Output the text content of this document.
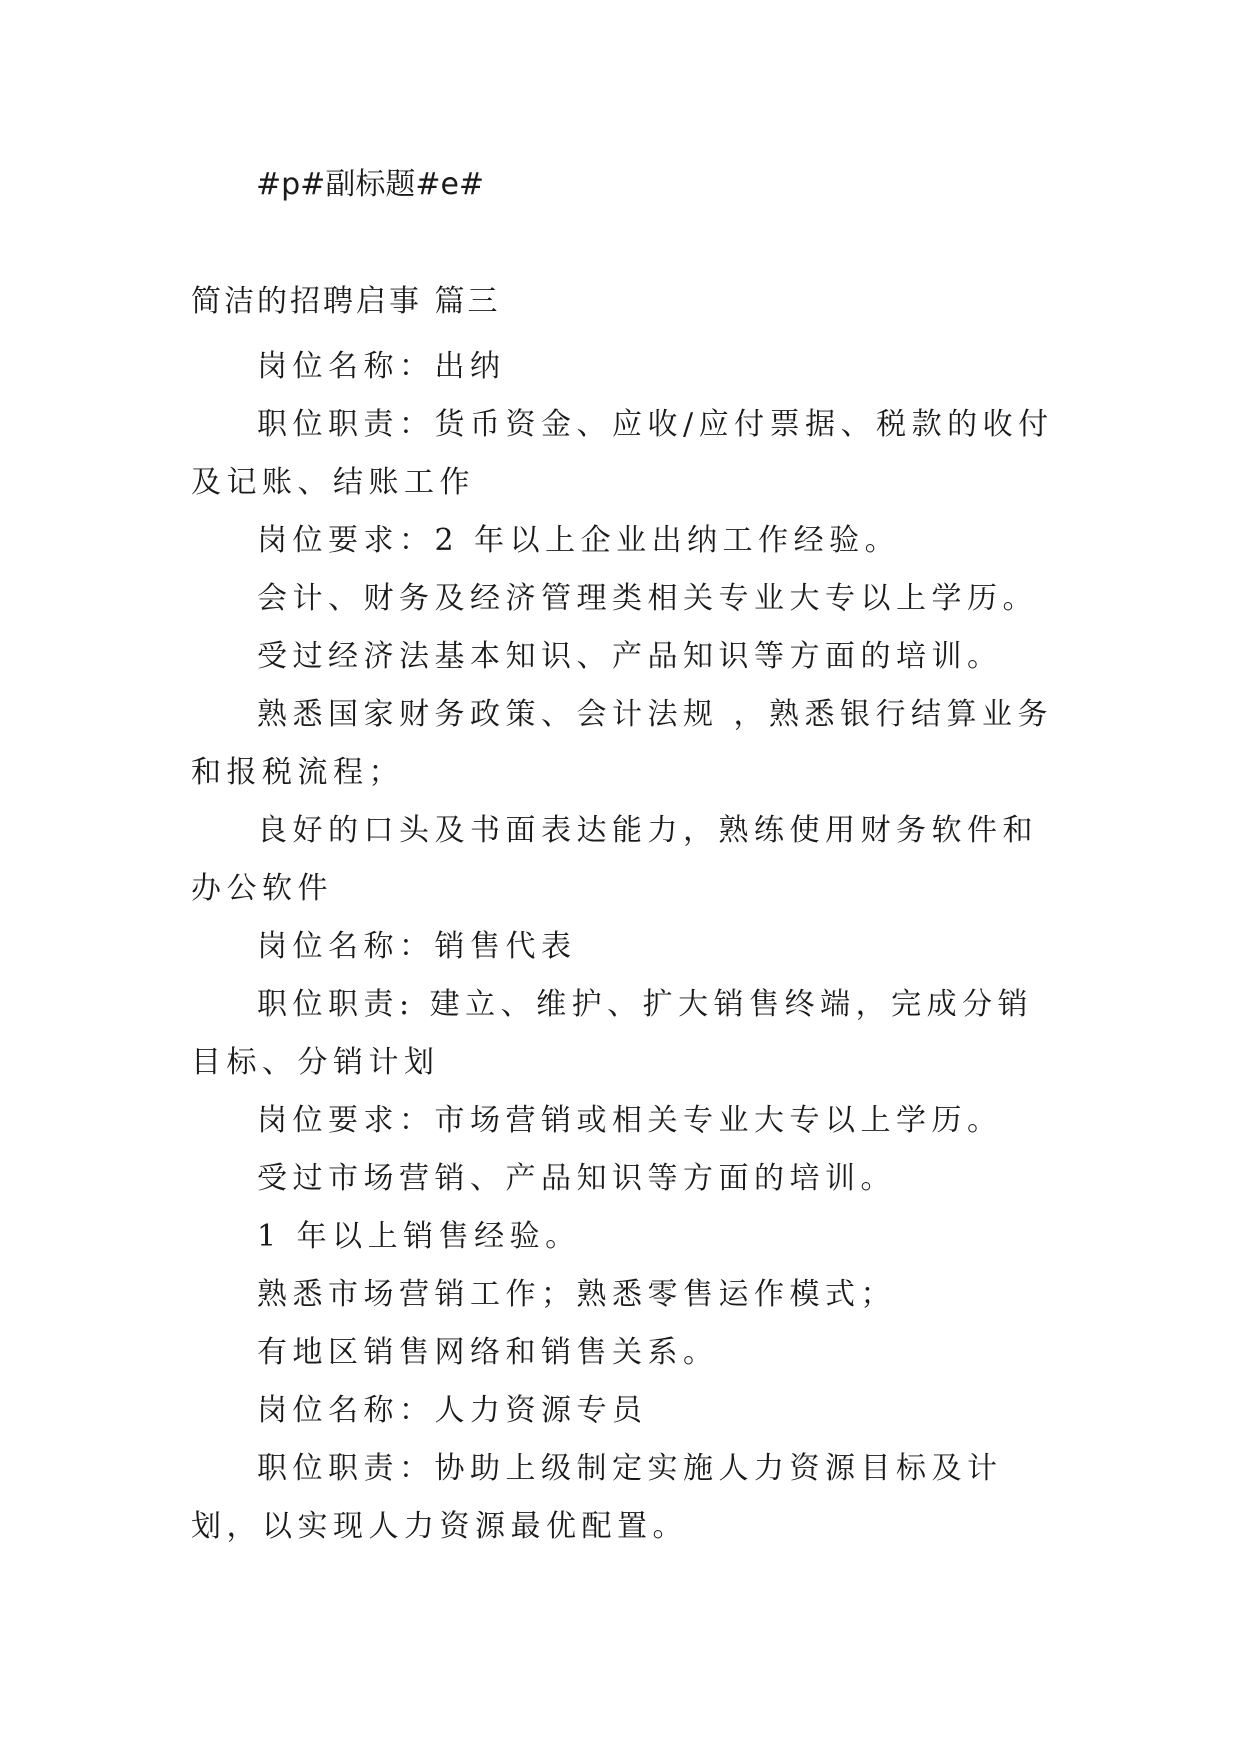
#p#副标题#e#

简洁的招聘启事 篇三

岗位名称：出纳

职位职责：货币资金、应收/应付票据、税款的收付及记账、结账工作

岗位要求：2 年以上企业出纳工作经验。

会计、财务及经济管理类相关专业大专以上学历。

受过经济法基本知识、产品知识等方面的培训。

熟悉国家财务政策、会计法规 ，熟悉银行结算业务和报税流程；

良好的口头及书面表达能力，熟练使用财务软件和办公软件

岗位名称：销售代表

职位职责: 建立、维护、扩大销售终端，完成分销目标、分销计划

岗位要求：市场营销或相关专业大专以上学历。

受过市场营销、产品知识等方面的培训。

1 年以上销售经验。

熟悉市场营销工作；熟悉零售运作模式；

有地区销售网络和销售关系。

岗位名称：人力资源专员

职位职责：协助上级制定实施人力资源目标及计划，以实现人力资源最优配置。
